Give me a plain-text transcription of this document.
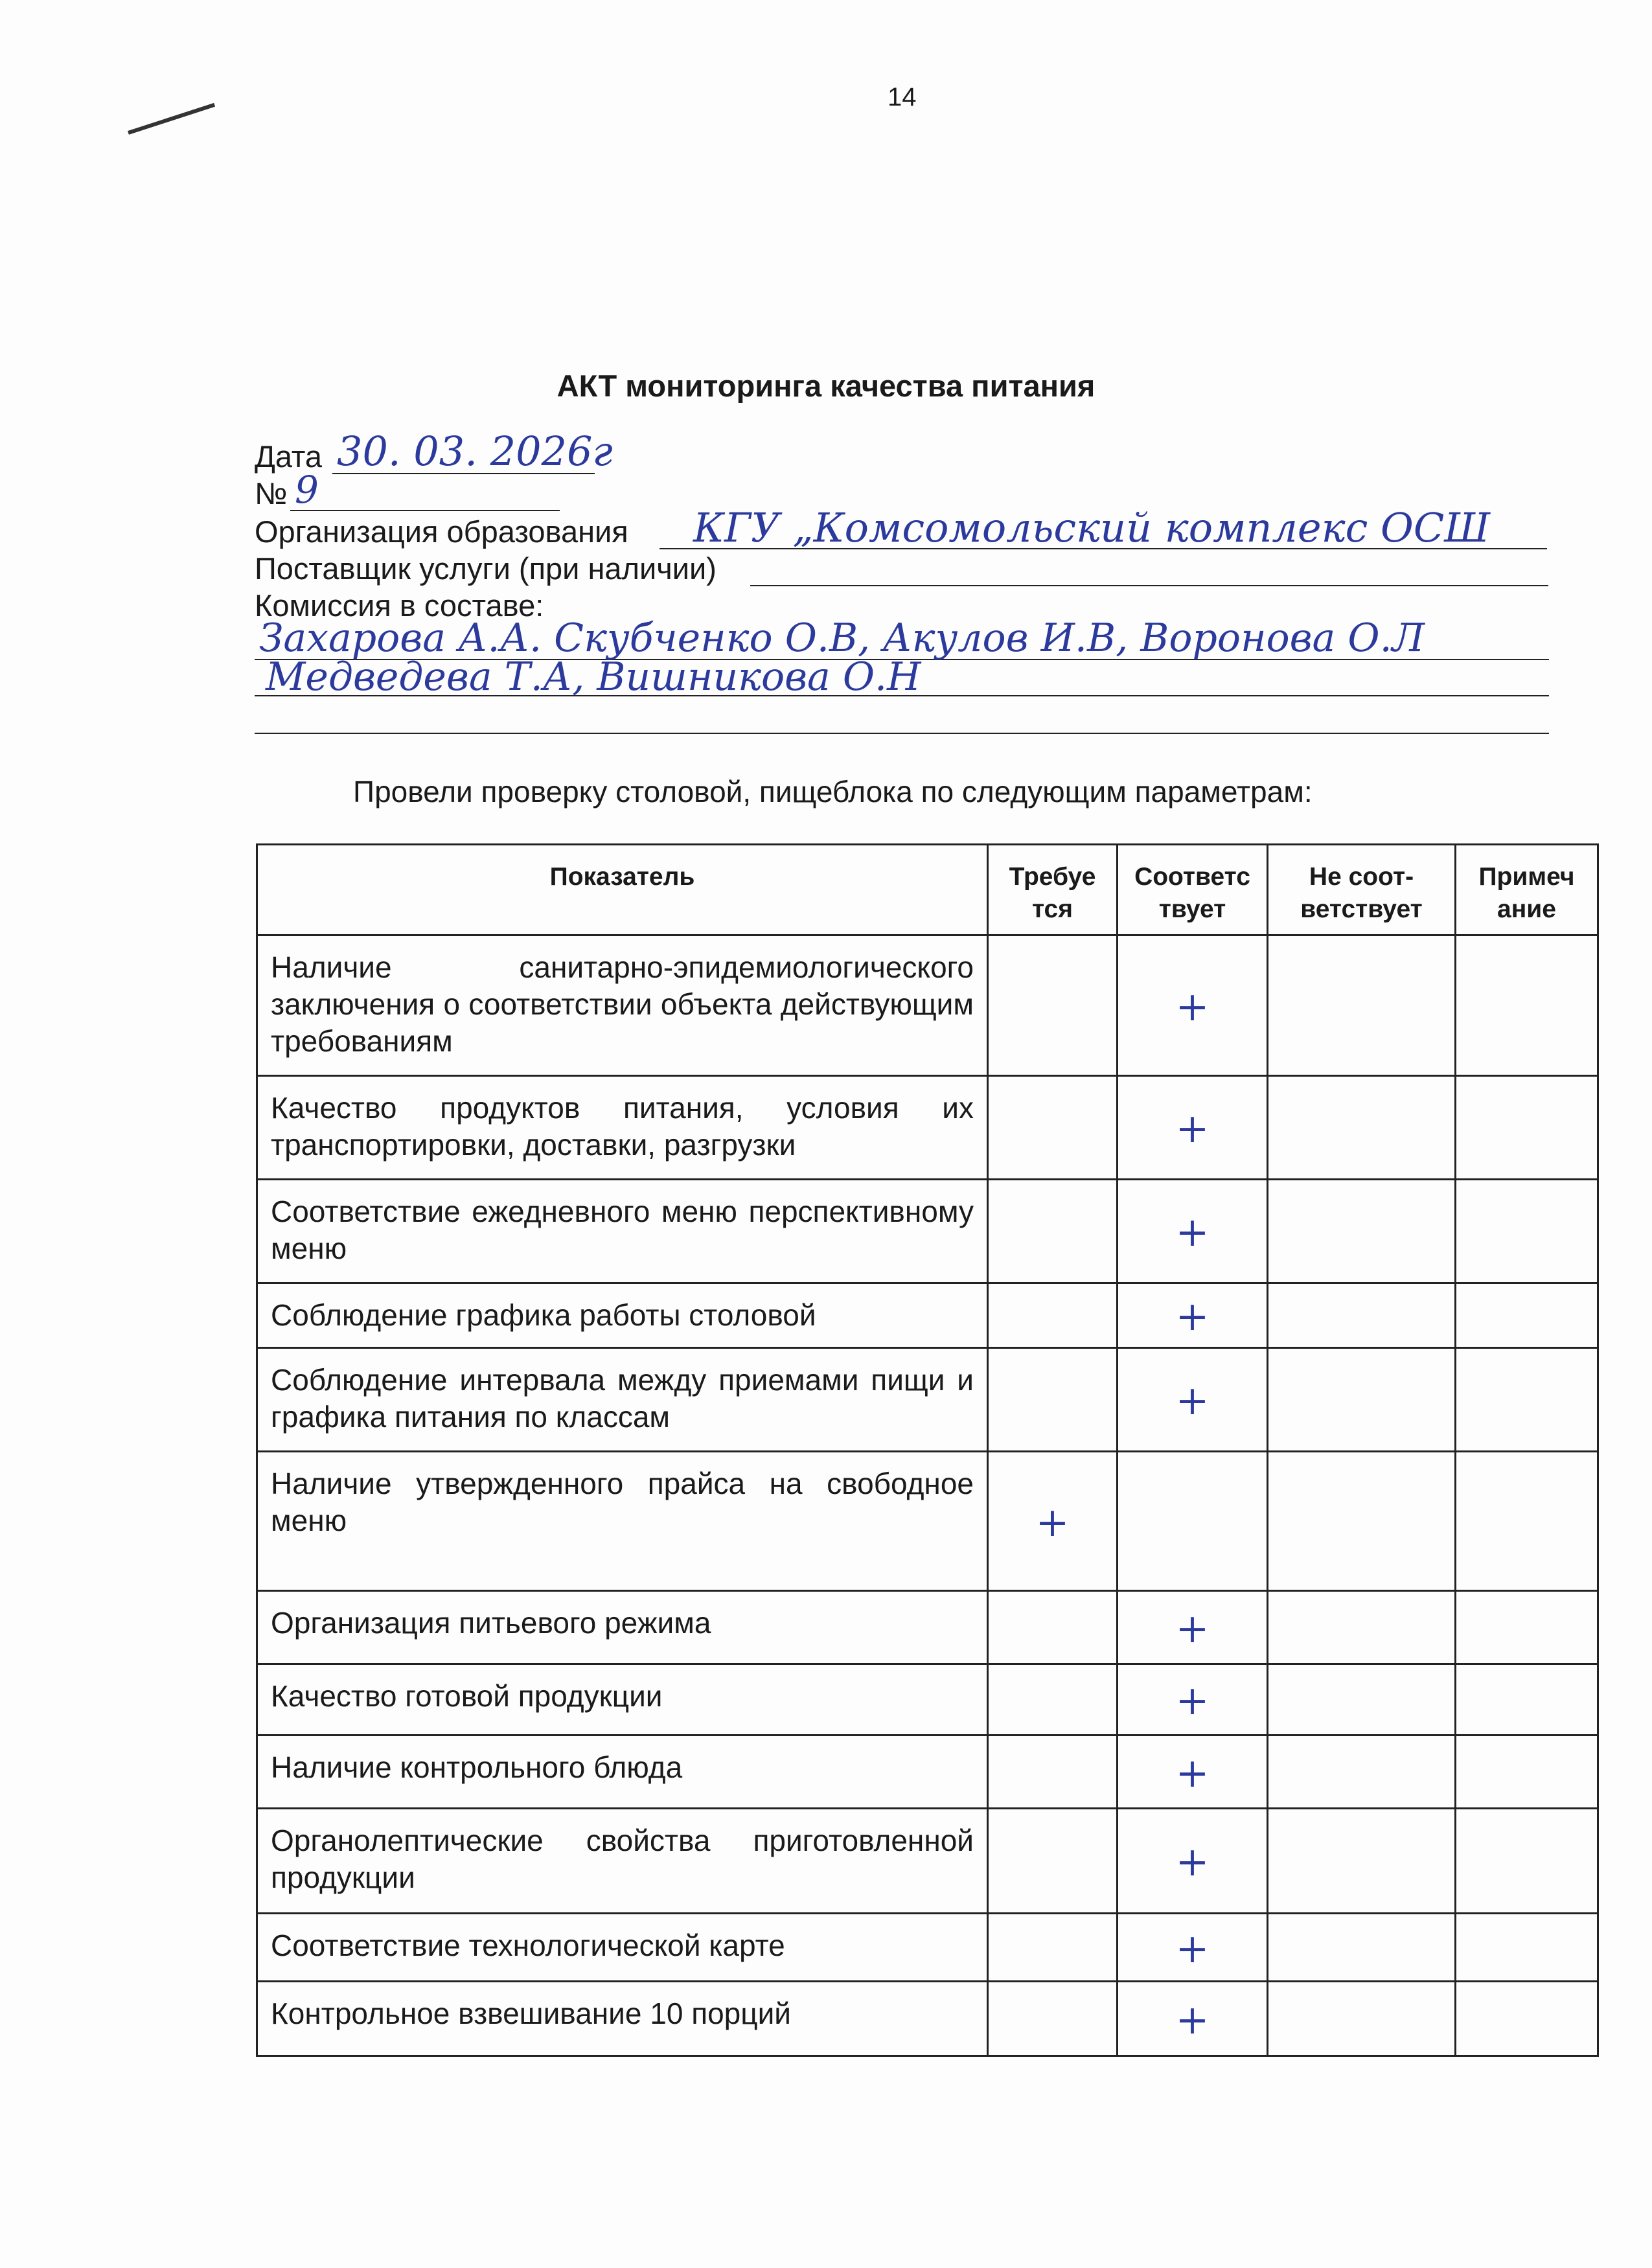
14
АКТ мониторинга качества питания
Дата 30. 03. 2026г
№ 9
Организация образования КГУ „Комсомольский комплекс ОСШ
Поставщик услуги (при наличии)
Комиссия в составе:
Захарова А.А. Скубченко О.В, Акулов И.В, Воронова О.Л
Медведева Т.А, Вишникова О.Н
Провели проверку столовой, пищеблока по следующим параметрам:
Показатель	Требуе тся	Соответс твует	Не соот-ветствует	Примеч ание
Наличие санитарно-эпидемиологического заключения о соответствии объекта действующим требованиям		+		

Качество продуктов питания, условия их транспортировки, доставки, разгрузки		+		

Соответствие ежедневного меню перспективному меню		+		

Соблюдение графика работы столовой		+		

Соблюдение интервала между приемами пищи и графика питания по классам		+		

Наличие утвержденного прайса на свободное меню	+			

Организация питьевого режима		+		

Качество готовой продукции		+		

Наличие контрольного блюда		+		

Органолептические свойства приготовленной продукции		+		

Соответствие технологической карте		+		

Контрольное взвешивание 10 порций		+		
